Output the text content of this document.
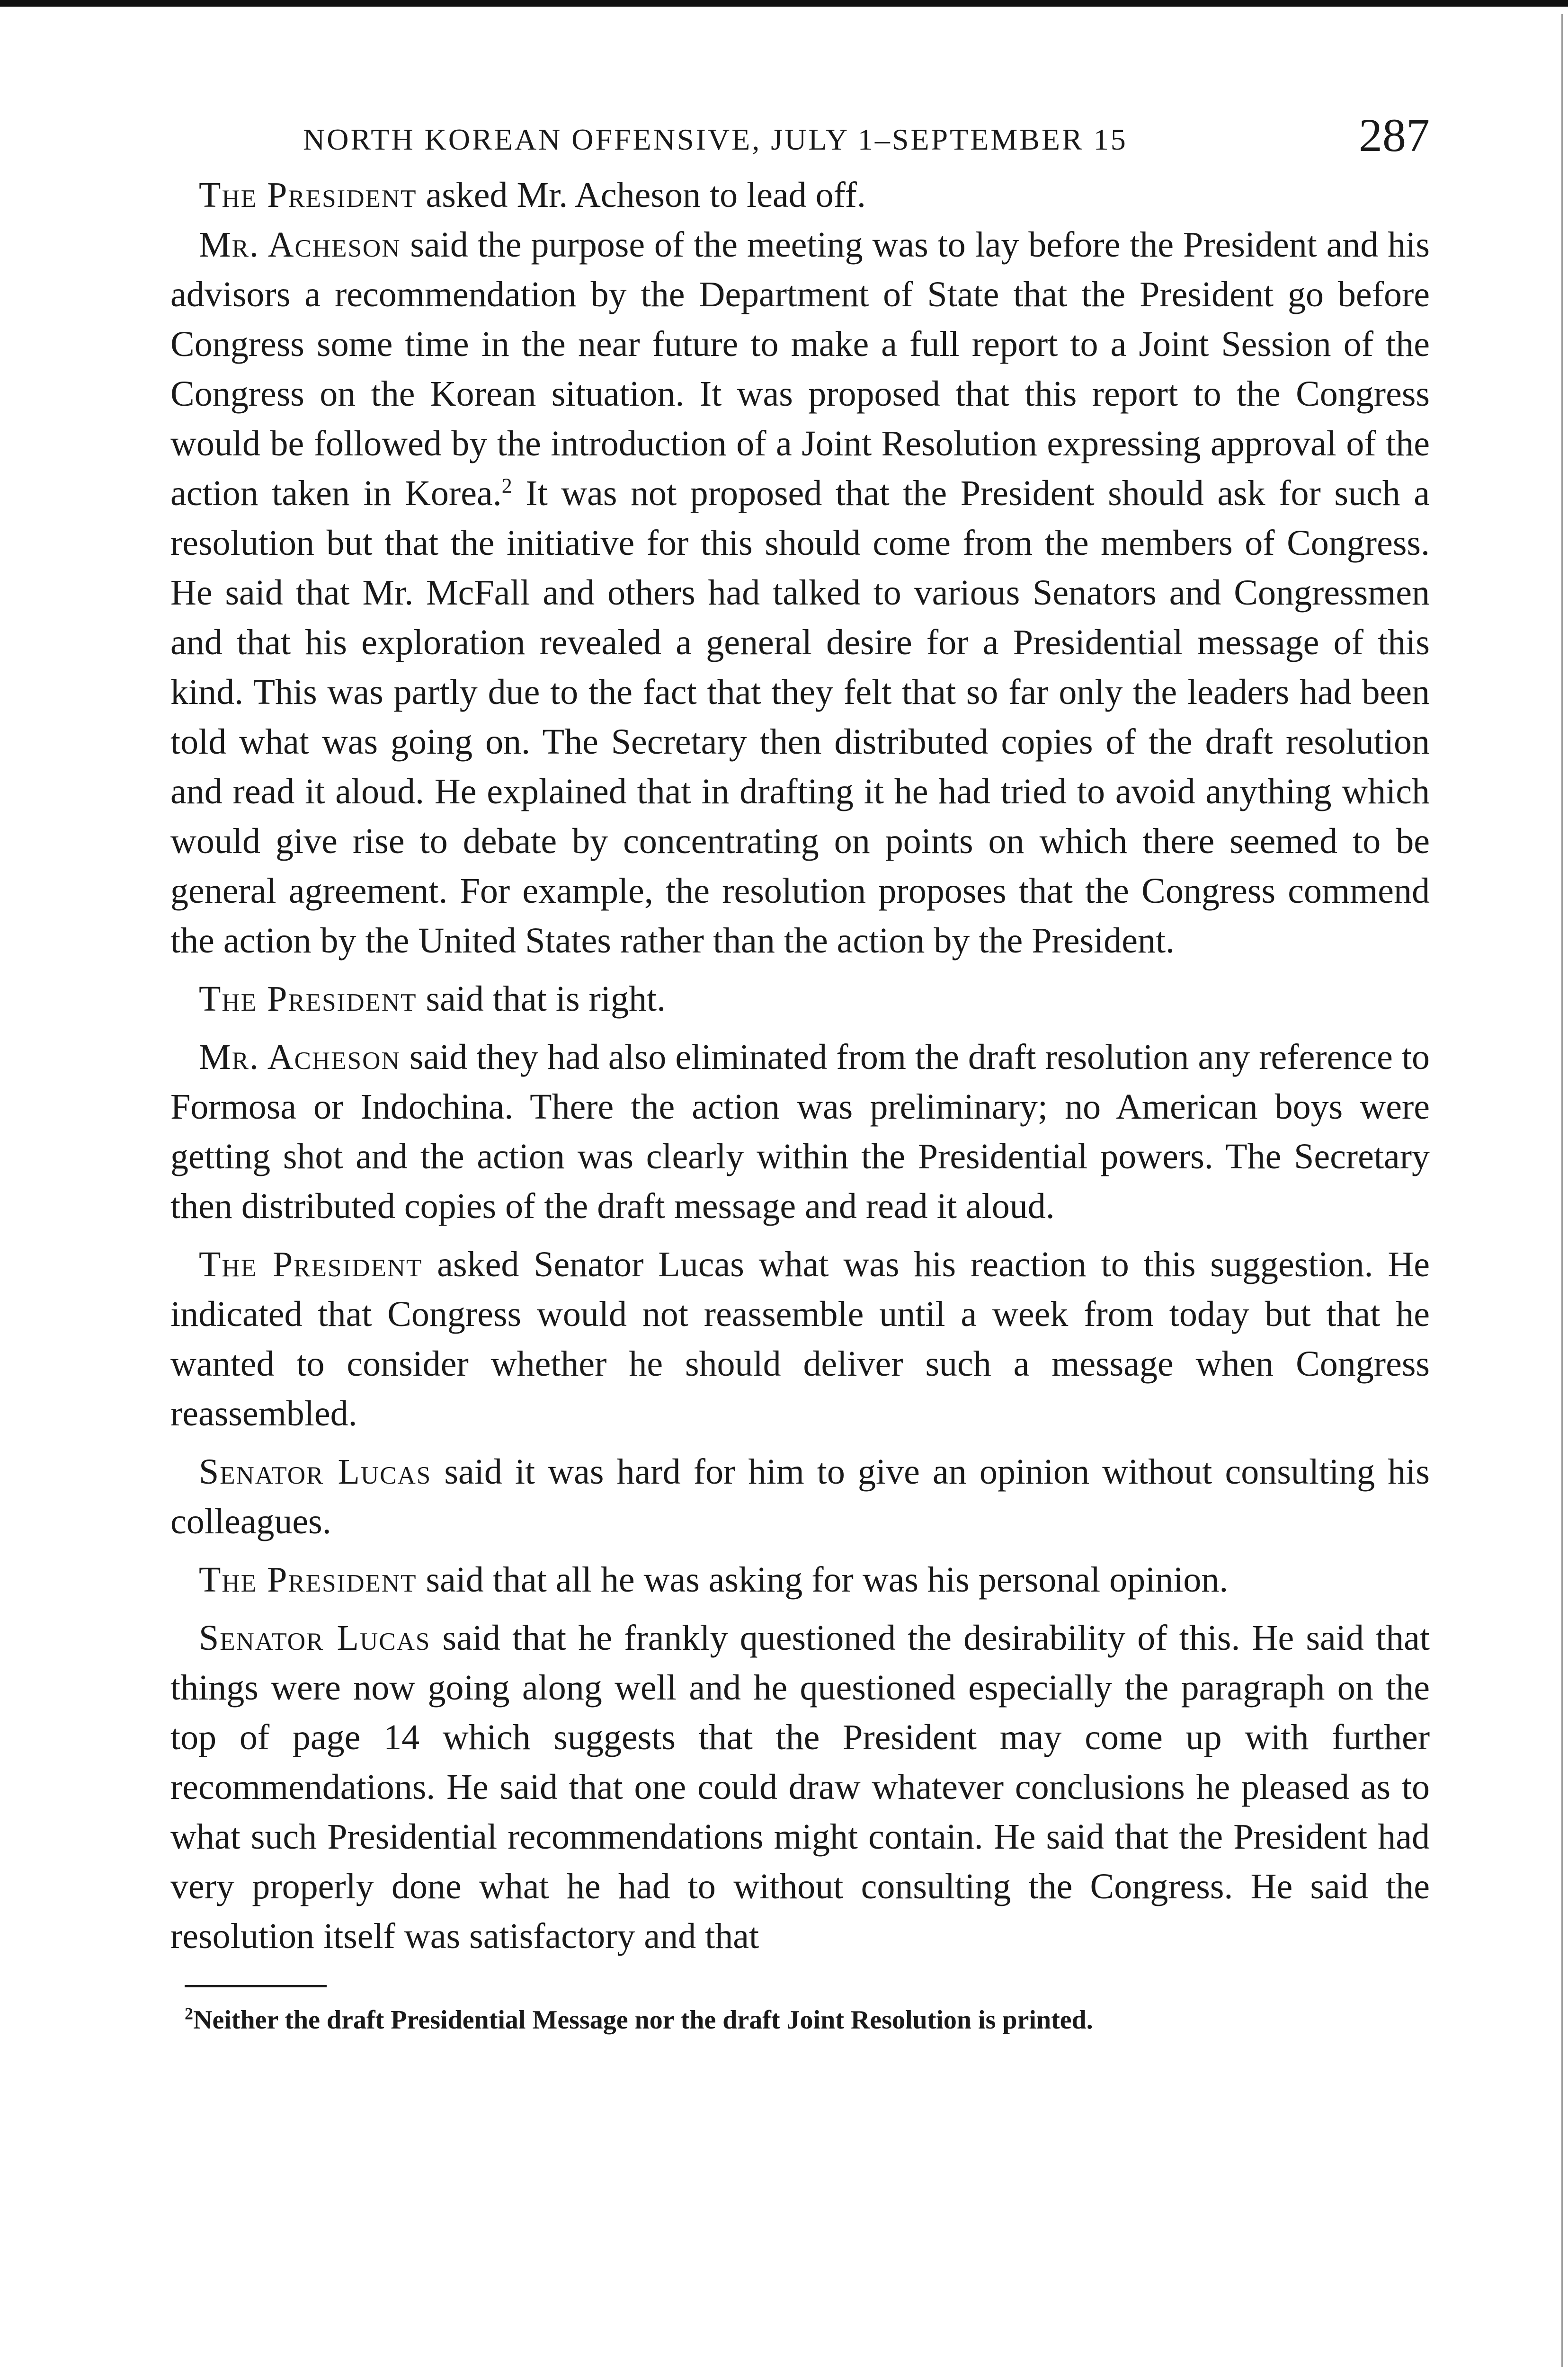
NORTH KOREAN OFFENSIVE, JULY 1–SEPTEMBER 15	287

The President asked Mr. Acheson to lead off.

Mr. Acheson said the purpose of the meeting was to lay before the President and his advisors a recommendation by the Department of State that the President go before Congress some time in the near future to make a full report to a Joint Session of the Congress on the Korean situation. It was proposed that this report to the Congress would be followed by the introduction of a Joint Resolution expressing approval of the action taken in Korea.$^2$ It was not proposed that the President should ask for such a resolution but that the initiative for this should come from the members of Congress. He said that Mr. McFall and others had talked to various Senators and Congressmen and that his exploration revealed a general desire for a Presidential message of this kind. This was partly due to the fact that they felt that so far only the leaders had been told what was going on. The Secretary then distributed copies of the draft resolution and read it aloud. He explained that in drafting it he had tried to avoid anything which would give rise to debate by concentrating on points on which there seemed to be general agreement. For example, the resolution proposes that the Congress commend the action by the United States rather than the action by the President.

The President said that is right.

Mr. Acheson said they had also eliminated from the draft resolution any reference to Formosa or Indochina. There the action was preliminary; no American boys were getting shot and the action was clearly within the Presidential powers. The Secretary then distributed copies of the draft message and read it aloud.

The President asked Senator Lucas what was his reaction to this suggestion. He indicated that Congress would not reassemble until a week from today but that he wanted to consider whether he should deliver such a message when Congress reassembled.

Senator Lucas said it was hard for him to give an opinion without consulting his colleagues.

The President said that all he was asking for was his personal opinion.

Senator Lucas said that he frankly questioned the desirability of this. He said that things were now going along well and he questioned especially the paragraph on the top of page 14 which suggests that the President may come up with further recommendations. He said that one could draw whatever conclusions he pleased as to what such Presidential recommendations might contain. He said that the President had very properly done what he had to without consulting the Congress. He said the resolution itself was satisfactory and that

$^2$Neither the draft Presidential Message nor the draft Joint Resolution is printed.
